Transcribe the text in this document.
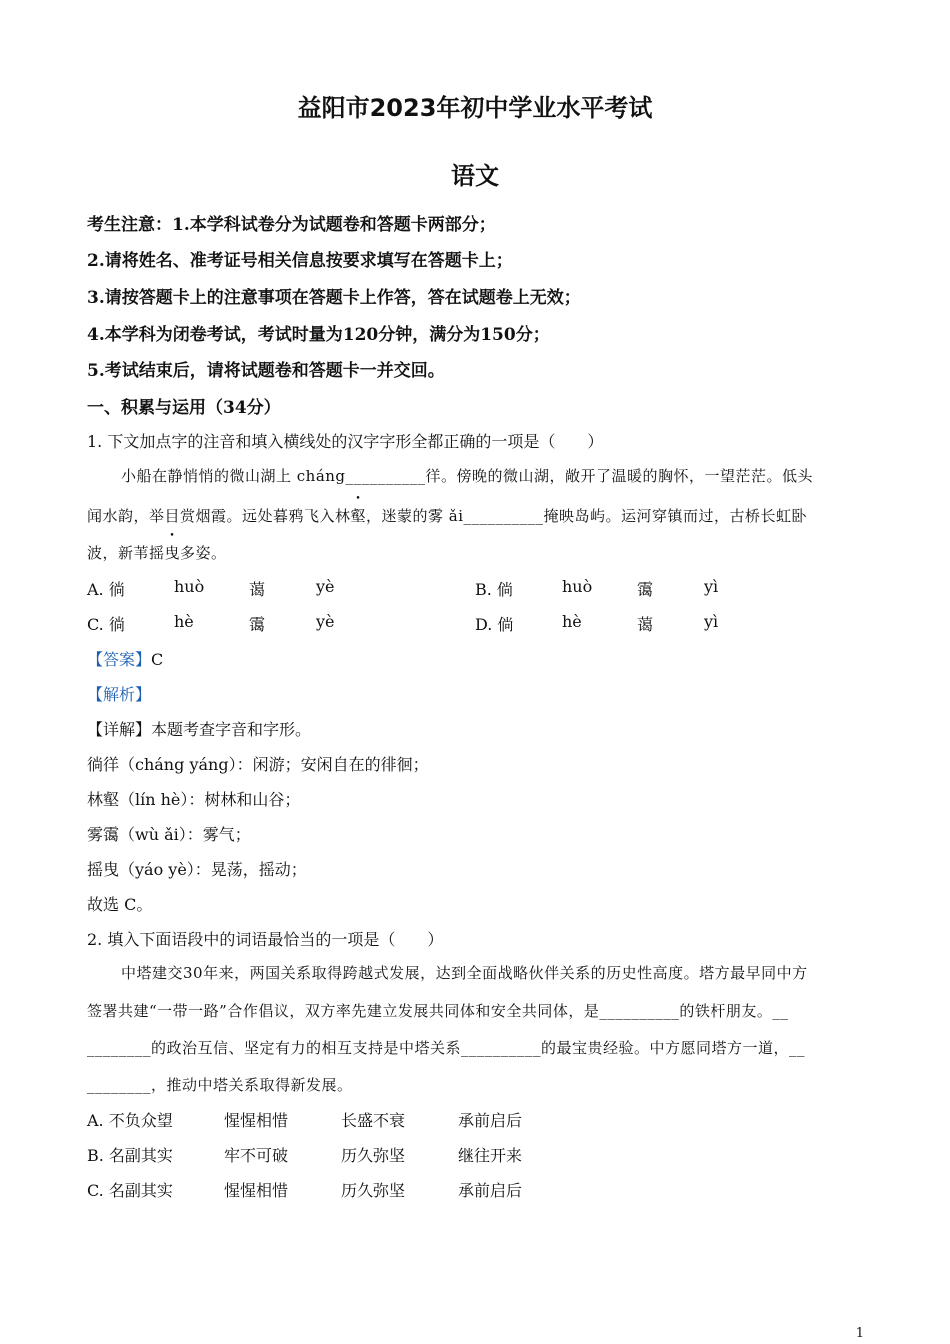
益阳市2023年初中学业水平考试
语文
考生注意：1.本学科试卷分为试题卷和答题卡两部分；
2.请将姓名、准考证号相关信息按要求填写在答题卡上；
3.请按答题卡上的注意事项在答题卡上作答，答在试题卷上无效；
4.本学科为闭卷考试，考试时量为120分钟，满分为150分；
5.考试结束后，请将试题卷和答题卡一并交回。
一、积累与运用（34分）
1. 下文加点字的注音和填入横线处的汉字字形全都正确的一项是（　　）
小船在静悄悄的微山湖上 cháng__________徉。傍晚的微山湖，敞开了温暖的胸怀，一望茫茫。低头
闻水韵，举目赏烟霞。远处暮鸦飞入林壑，迷蒙的雾 ǎi__________掩映岛屿。运河穿镇而过，古桥长虹卧
波，新苇摇曳多姿。
A. 徜	huò	蔼	yè	B. 倘	huò	霭	yì
C. 徜	hè	霭	yè	D. 倘	hè	蔼	yì
【答案】C
【解析】
【详解】本题考查字音和字形。
徜徉（cháng yáng）：闲游；安闲自在的徘徊；
林壑（lín hè）：树林和山谷；
雾霭（wù ǎi）：雾气；
摇曳（yáo yè）：晃荡，摇动；
故选 C。
2. 填入下面语段中的词语最恰当的一项是（　　）
中塔建交30年来，两国关系取得跨越式发展，达到全面战略伙伴关系的历史性高度。塔方最早同中方
签署共建“一带一路”合作倡议，双方率先建立发展共同体和安全共同体，是__________的铁杆朋友。__
________的政治互信、坚定有力的相互支持是中塔关系__________的最宝贵经验。中方愿同塔方一道，__
________，推动中塔关系取得新发展。
A. 不负众望	惺惺相惜	长盛不衰	承前启后
B. 名副其实	牢不可破	历久弥坚	继往开来
C. 名副其实	惺惺相惜	历久弥坚	承前启后
1
